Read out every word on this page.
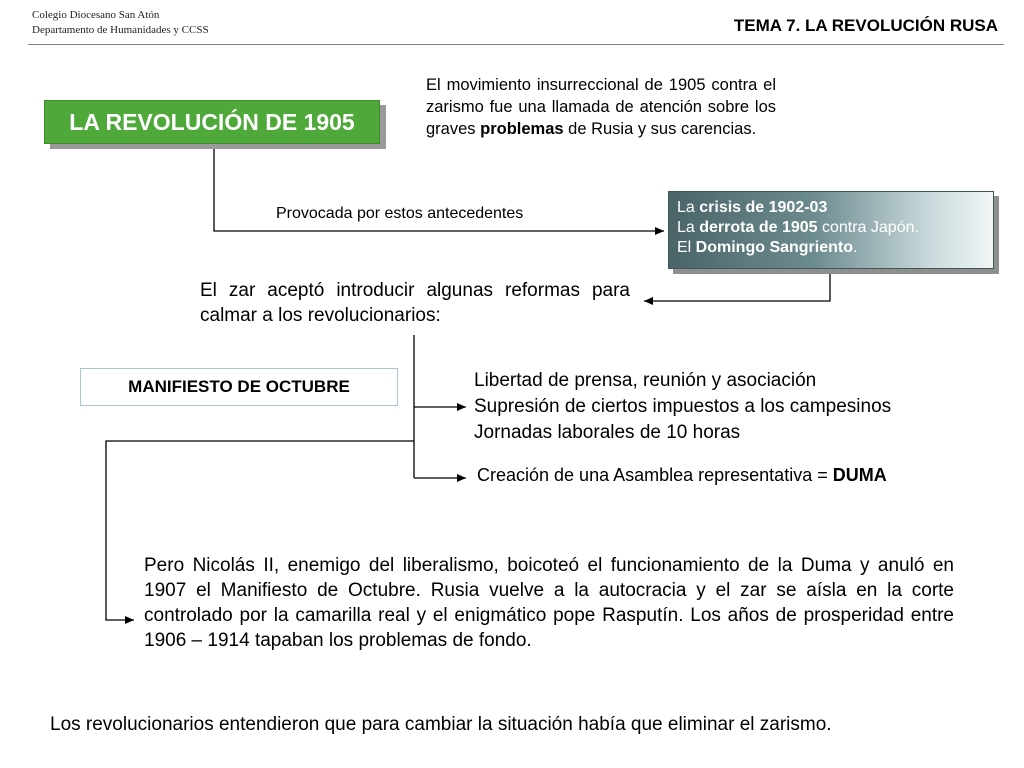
Colegio Diocesano San Atón
Departamento de Humanidades y CCSS	TEMA 7. LA REVOLUCIÓN RUSA
LA REVOLUCIÓN DE 1905
El movimiento insurreccional de 1905 contra el zarismo fue una llamada de atención sobre los graves problemas de Rusia y sus carencias.
Provocada por estos antecedentes	La crisis de 1902-03
La derrota de 1905 contra Japón.
El Domingo Sangriento.
El zar aceptó introducir algunas reformas para calmar a los revolucionarios:
MANIFIESTO DE OCTUBRE	Libertad de prensa, reunión y asociación
Supresión de ciertos impuestos a los campesinos
Jornadas laborales de 10 horas
Creación de una Asamblea representativa = DUMA
Pero Nicolás II, enemigo del liberalismo, boicoteó el funcionamiento de la Duma y anuló en 1907 el Manifiesto de Octubre. Rusia vuelve a la autocracia y el zar se aísla en la corte controlado por la camarilla real y el enigmático pope Rasputín. Los años de prosperidad entre 1906 – 1914 tapaban los problemas de fondo.
Los revolucionarios entendieron que para cambiar la situación había que eliminar el zarismo.
